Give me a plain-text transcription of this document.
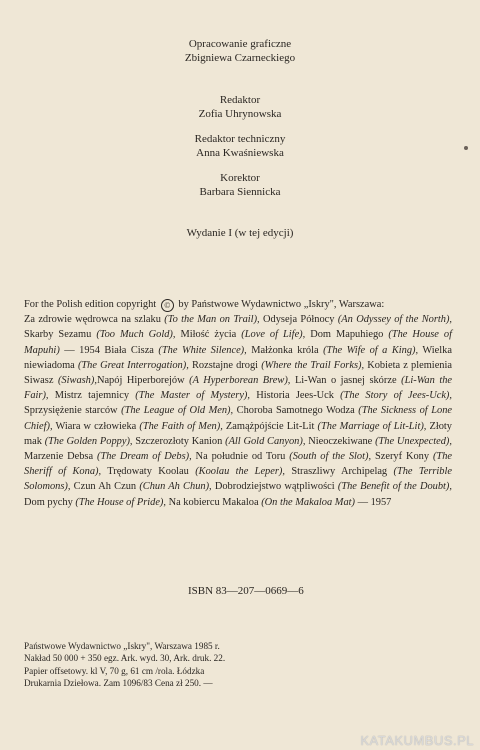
Opracowanie graficzne
Zbigniewa Czarneckiego
Redaktor
Zofia Uhrynowska
Redaktor techniczny
Anna Kwaśniewska
Korektor
Barbara Siennicka
Wydanie I (w tej edycji)
For the Polish edition copyright © by Państwowe Wydawnictwo „Iskry", Warszawa:
Za zdrowie wędrowca na szlaku (To the Man on Trail), Odyseja Północy (An Odyssey of the North), Skarby Sezamu (Too Much Gold), Miłość życia (Love of Life), Dom Mapuhiego (The House of Mapuhi) — 1954 Biała Cisza (The White Silence), Małżonka króla (The Wife of a King), Wielka niewiadoma (The Great Interrogation), Rozstajne drogi (Where the Trail Forks), Kobieta z plemienia Siwasz (Siwash),Napój Hiperborejów (A Hyperborean Brew), Li-Wan o jasnej skórze (Li-Wan the Fair), Mistrz tajemnicy (The Master of Mystery), Historia Jees-Uck (The Story of Jees-Uck), Sprzysiężenie starców (The League of Old Men), Choroba Samotnego Wodza (The Sickness of Lone Chief), Wiara w człowieka (The Faith of Men), Zamążpójście Lit-Lit (The Marriage of Lit-Lit), Złoty mak (The Golden Poppy), Szczerozłoty Kanion (All Gold Canyon), Nieoczekiwane (The Unexpected), Marzenie Debsa (The Dream of Debs), Na południe od Toru (South of the Slot), Szeryf Kony (The Sheriff of Kona), Trędowaty Koolau (Koolau the Leper), Straszliwy Archipelag (The Terrible Solomons), Czun Ah Czun (Chun Ah Chun), Dobrodziejstwo wątpliwości (The Benefit of the Doubt), Dom pychy (The House of Pride), Na kobiercu Makaloa (On the Makaloa Mat) — 1957
ISBN 83—207—0669—6
Państwowe Wydawnictwo „Iskry", Warszawa 1985 r.
Nakład 50 000 + 350 egz. Ark. wyd. 30, Ark. druk. 22.
Papier offsetowy. kl V, 70 g, 61 cm /rola. Łódzka
Drukarnia Dziełowa. Zam 1096/83 Cena zł 250. —
KATAKUMBUS.PL
